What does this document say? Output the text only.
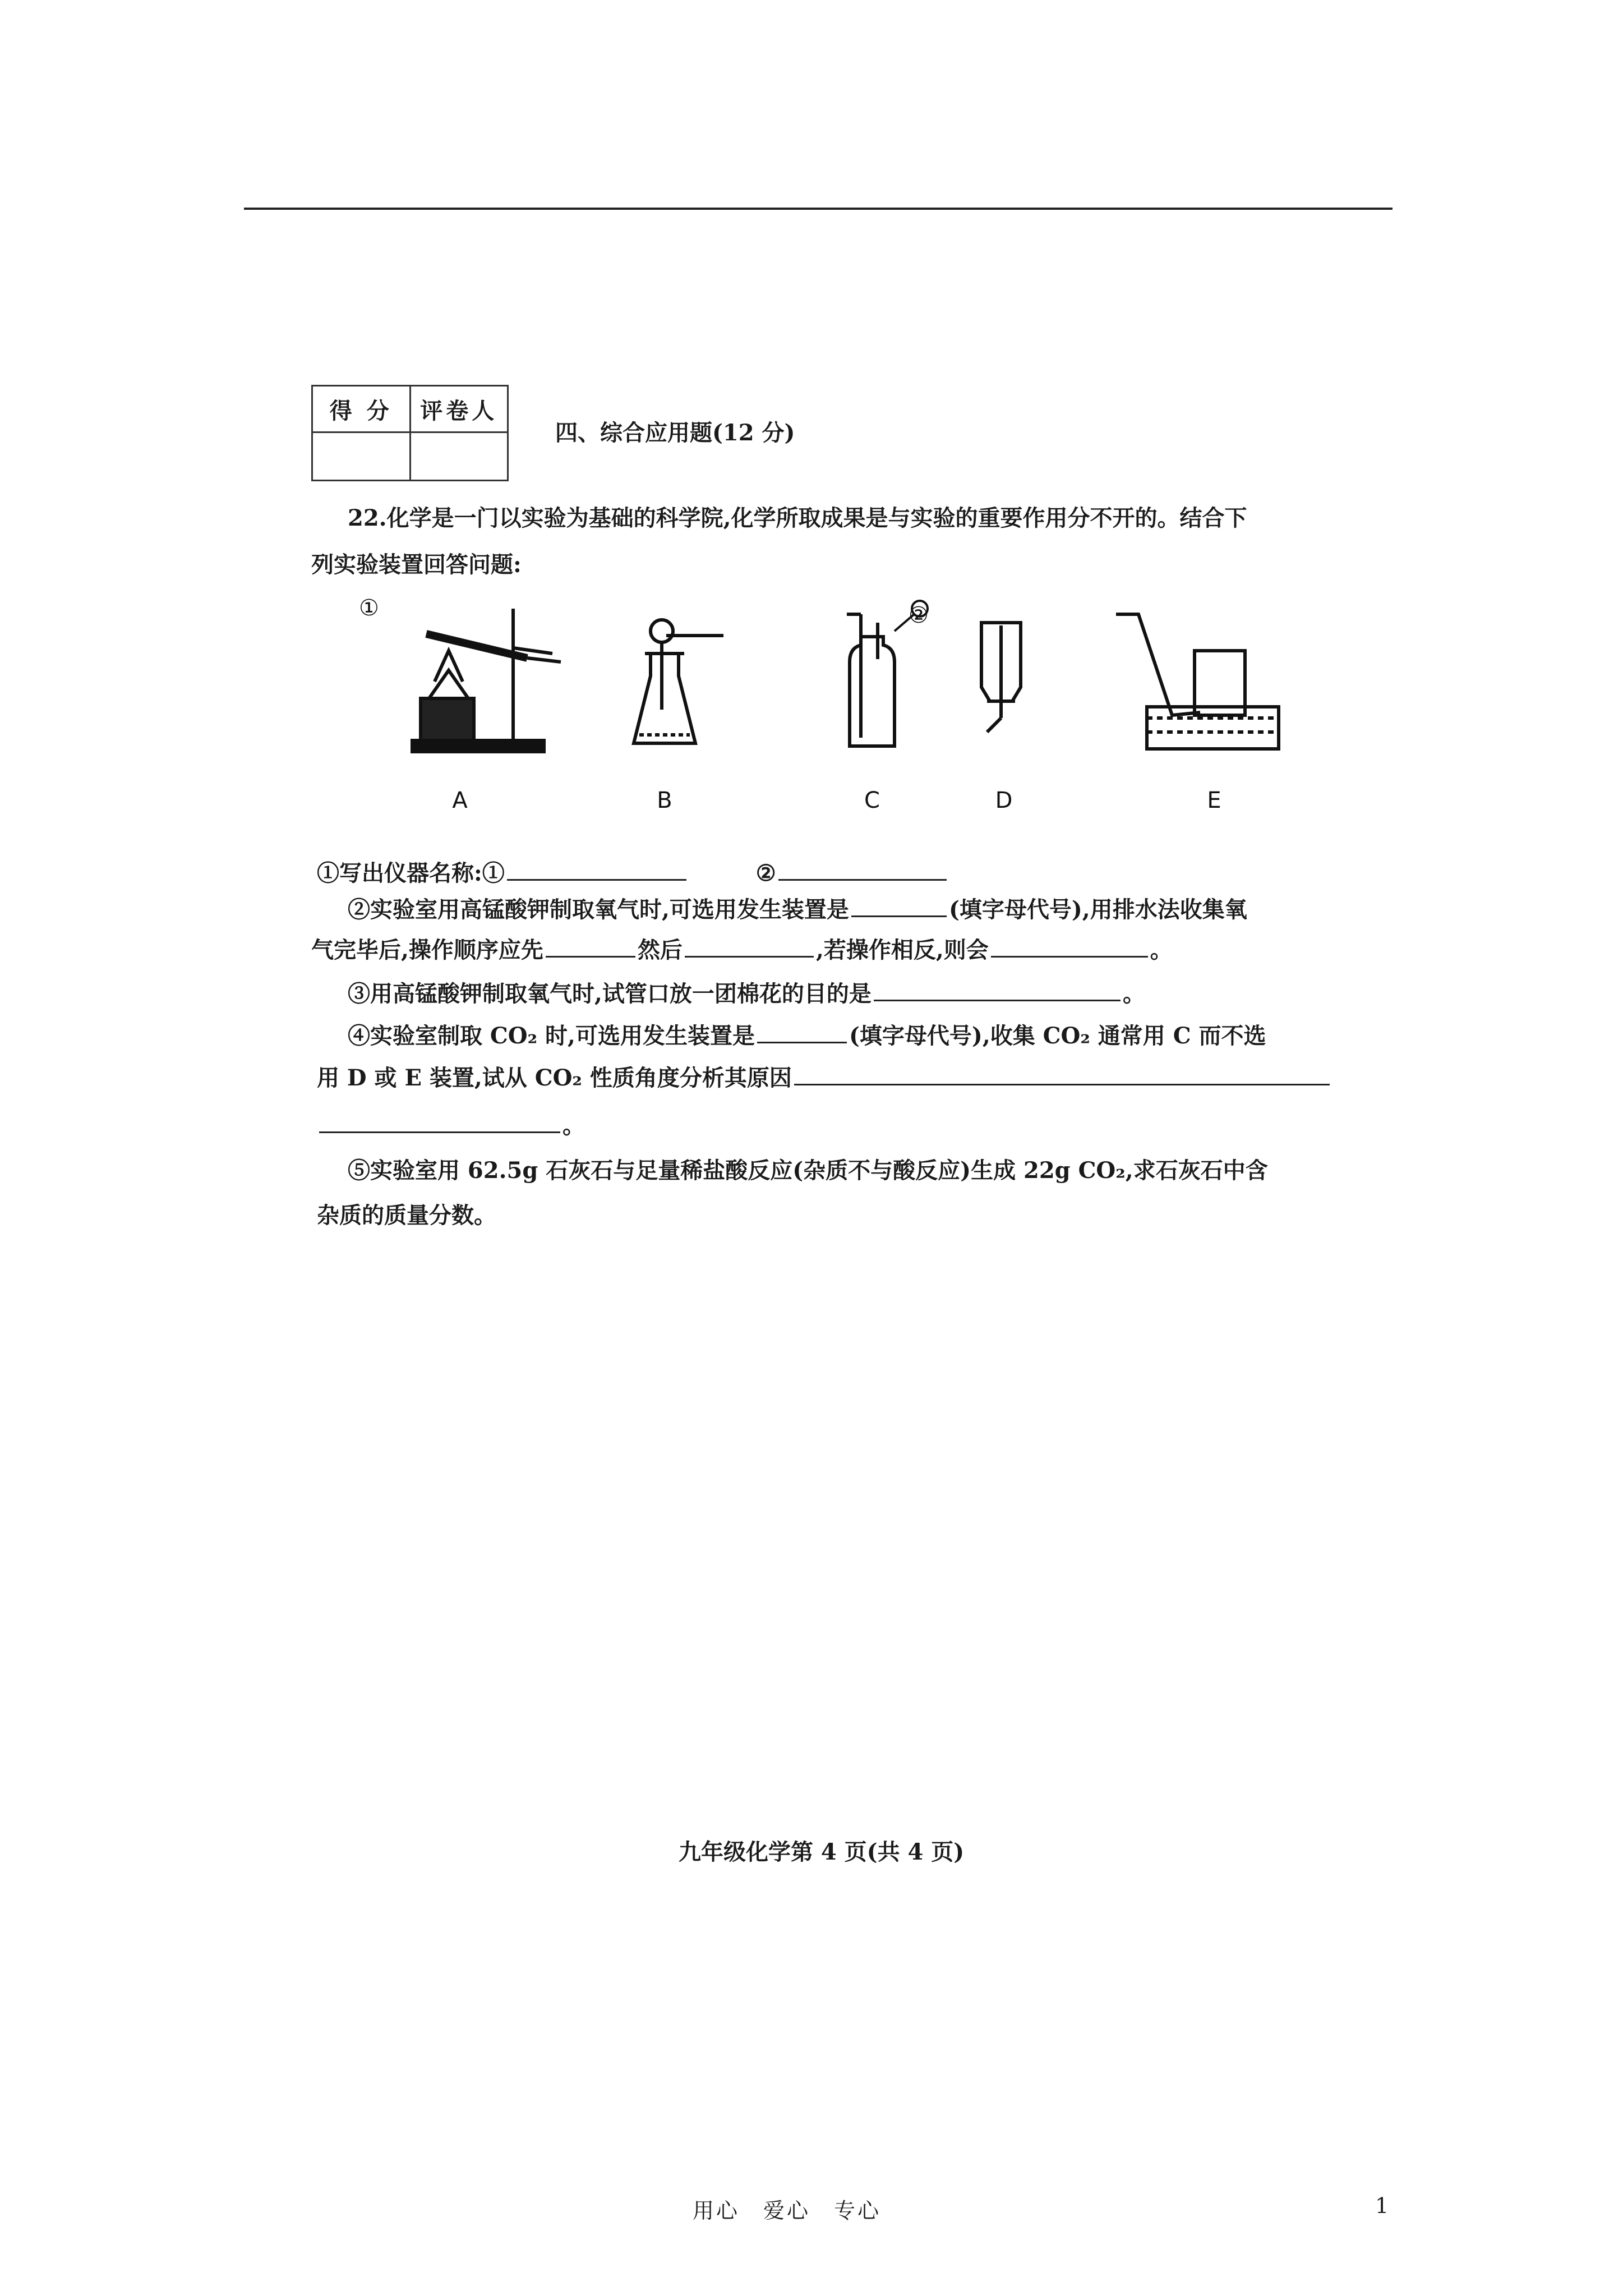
得 分	评卷人

四、综合应用题(12 分)
22.化学是一门以实验为基础的科学院,化学所取成果是与实验的重要作用分不开的。结合下
列实验装置回答问题:
①	②
A	B	C	D	E
①写出仪器名称:①	②
②实验室用高锰酸钾制取氧气时,可选用发生装置是	(填字母代号),用排水法收集氧
气完毕后,操作顺序应先	然后	,若操作相反,则会	。
③用高锰酸钾制取氧气时,试管口放一团棉花的目的是	。
④实验室制取 CO₂ 时,可选用发生装置是	(填字母代号),收集 CO₂ 通常用 C 而不选
用 D 或 E 装置,试从 CO₂ 性质角度分析其原因
。
⑤实验室用 62.5g 石灰石与足量稀盐酸反应(杂质不与酸反应)生成 22g CO₂,求石灰石中含
杂质的质量分数。
九年级化学第 4 页(共 4 页)
用心　爱心　专心	1
